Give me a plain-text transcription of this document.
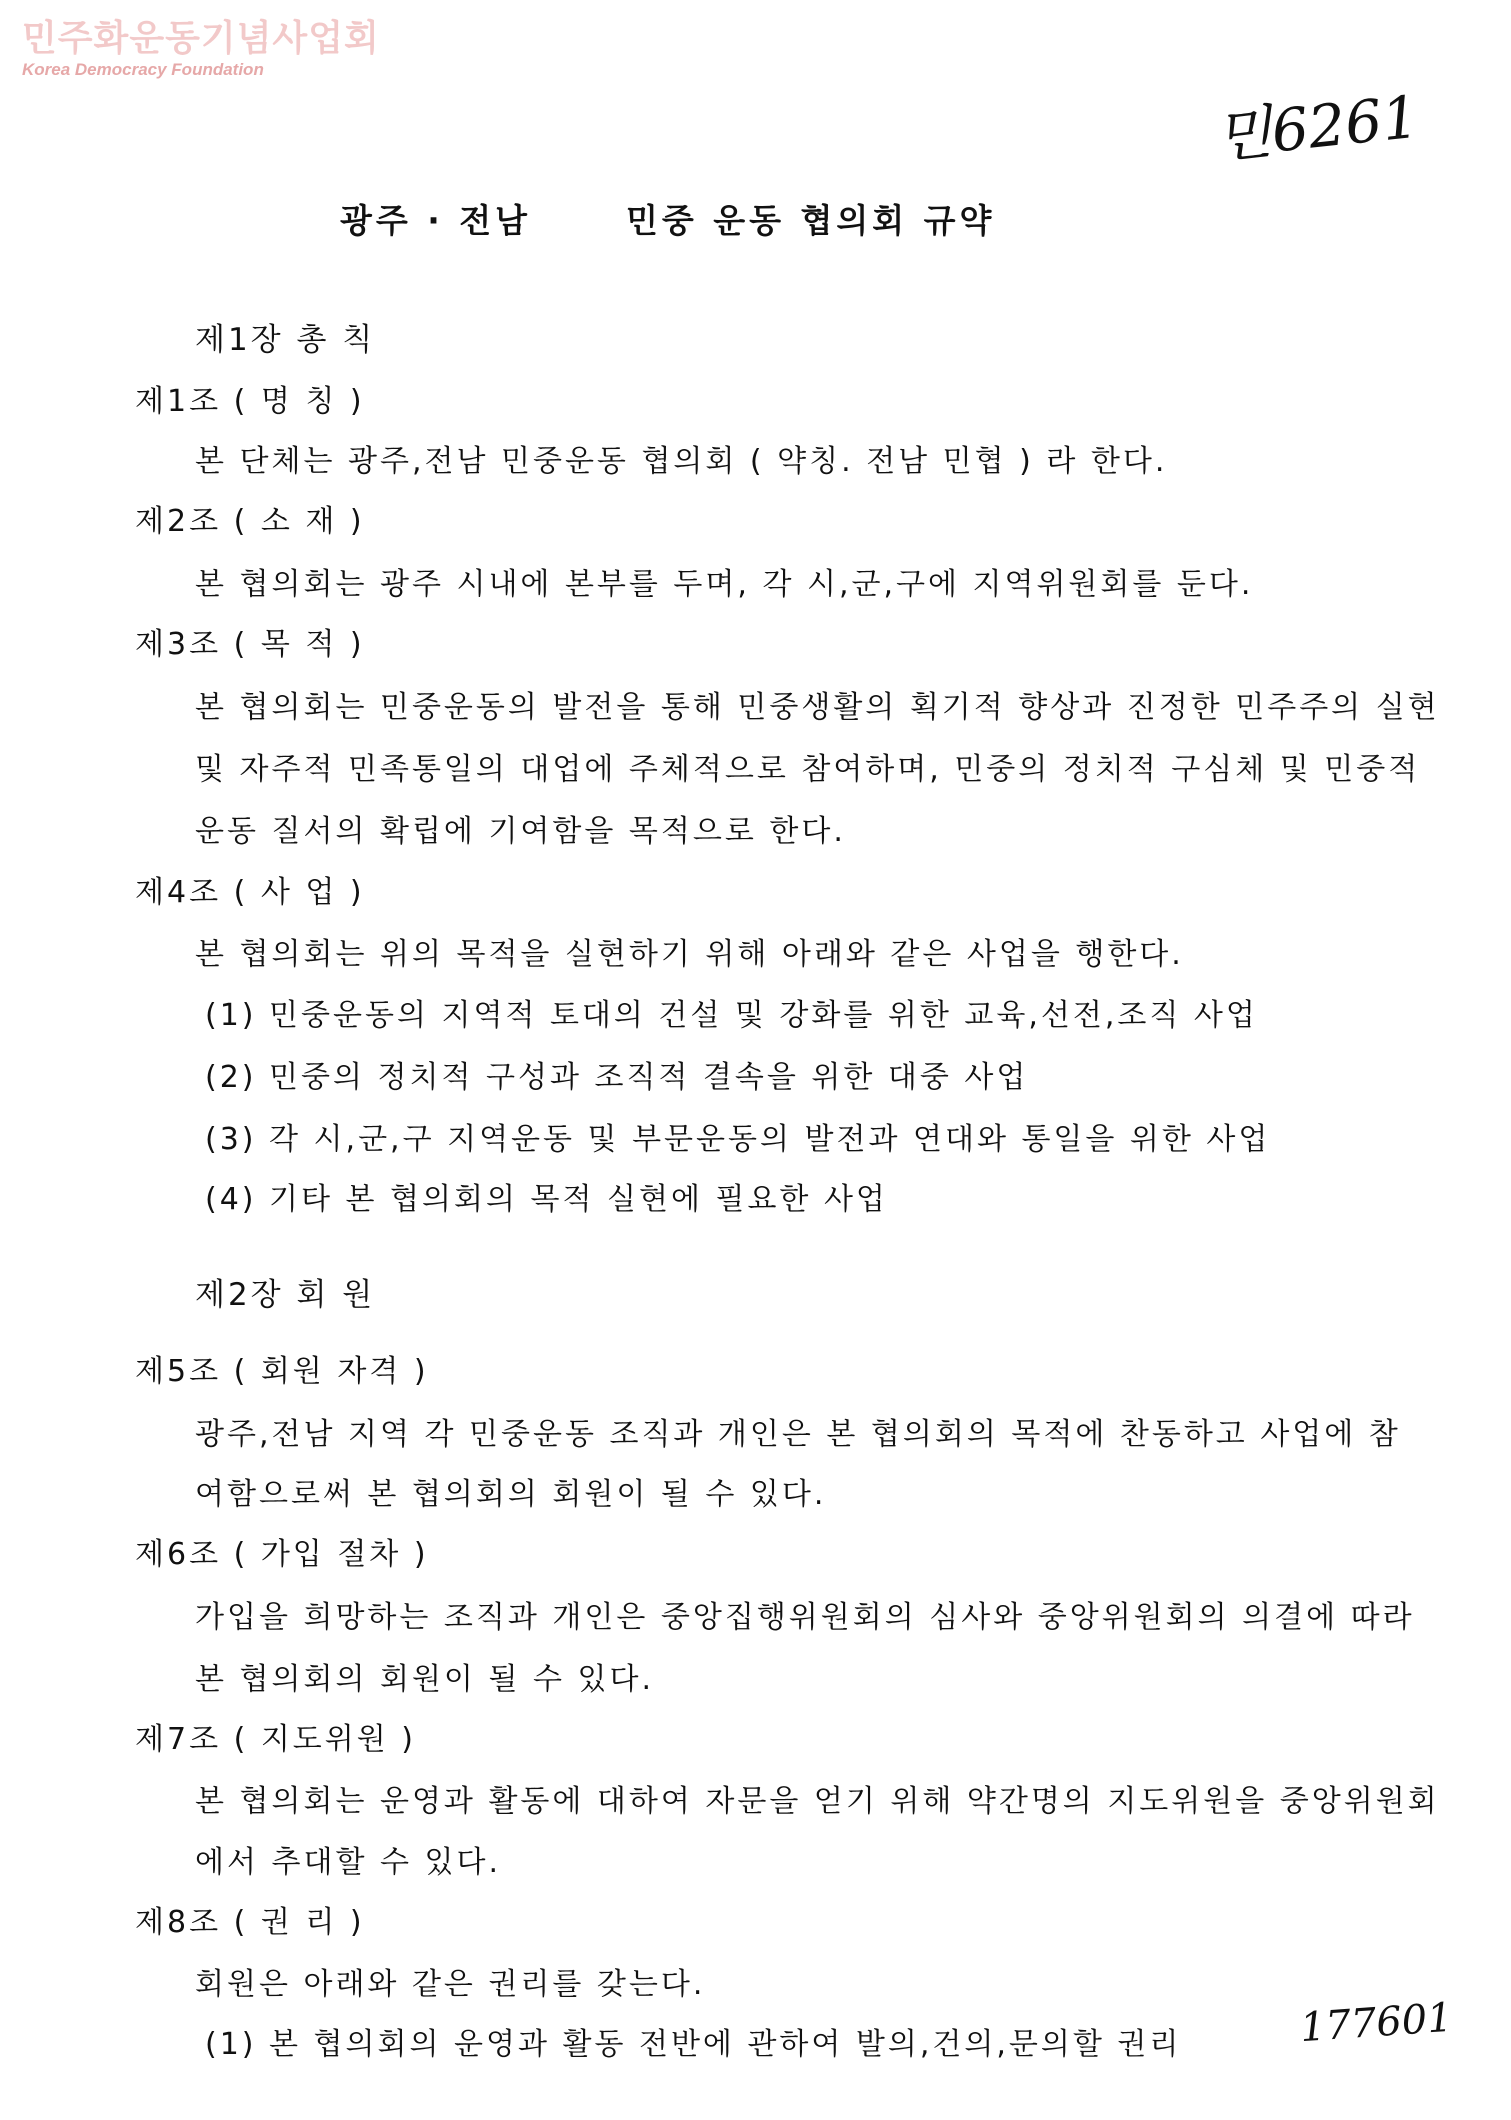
민주화운동기념사업회
Korea Democracy Foundation
민6261
광주 · 전남	민중 운동 협의회 규약
제1장 총 칙
제1조 ( 명 칭 )
본 단체는 광주,전남 민중운동 협의회 ( 약칭. 전남 민협 ) 라 한다.
제2조 ( 소 재 )
본 협의회는 광주 시내에 본부를 두며, 각 시,군,구에 지역위원회를 둔다.
제3조 ( 목 적 )
본 협의회는 민중운동의 발전을 통해 민중생활의 획기적 향상과 진정한 민주주의 실현
및 자주적 민족통일의 대업에 주체적으로 참여하며, 민중의 정치적 구심체 및 민중적
운동 질서의 확립에 기여함을 목적으로 한다.
제4조 ( 사 업 )
본 협의회는 위의 목적을 실현하기 위해 아래와 같은 사업을 행한다.
(1) 민중운동의 지역적 토대의 건설 및 강화를 위한 교육,선전,조직 사업
(2) 민중의 정치적 구성과 조직적 결속을 위한 대중 사업
(3) 각 시,군,구 지역운동 및 부문운동의 발전과 연대와 통일을 위한 사업
(4) 기타 본 협의회의 목적 실현에 필요한 사업
제2장 회 원
제5조 ( 회원 자격 )
광주,전남 지역 각 민중운동 조직과 개인은 본 협의회의 목적에 찬동하고 사업에 참
여함으로써 본 협의회의 회원이 될 수 있다.
제6조 ( 가입 절차 )
가입을 희망하는 조직과 개인은 중앙집행위원회의 심사와 중앙위원회의 의결에 따라
본 협의회의 회원이 될 수 있다.
제7조 ( 지도위원 )
본 협의회는 운영과 활동에 대하여 자문을 얻기 위해 약간명의 지도위원을 중앙위원회
에서 추대할 수 있다.
제8조 ( 권 리 )
회원은 아래와 같은 권리를 갖는다.
(1) 본 협의회의 운영과 활동 전반에 관하여 발의,건의,문의할 권리	177601
